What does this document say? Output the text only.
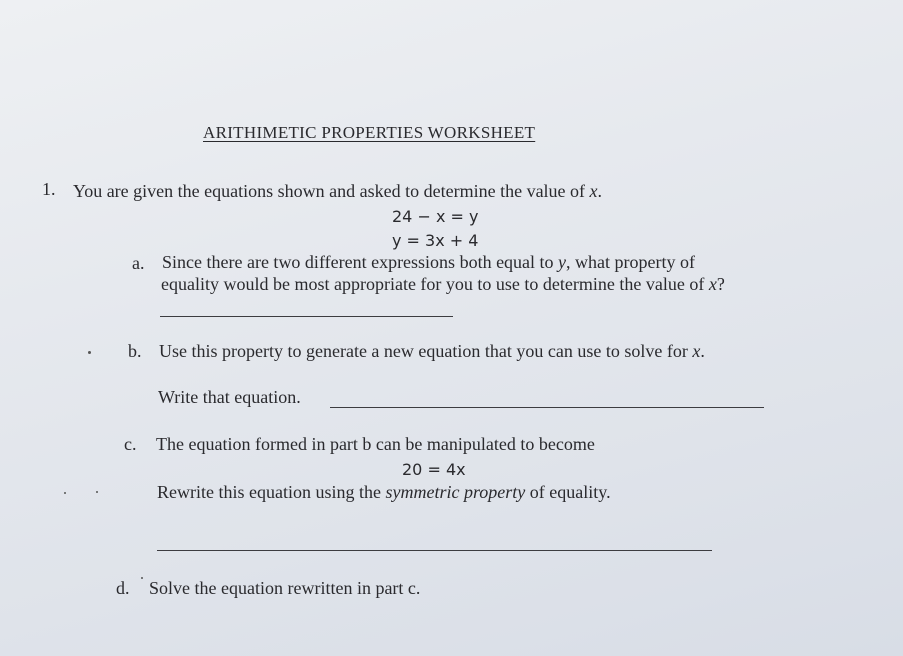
ARITHIMETIC PROPERTIES WORKSHEET
1. You are given the equations shown and asked to determine the value of x.
24 − x = y
y = 3x + 4
a. Since there are two different expressions both equal to y, what property of
equality would be most appropriate for you to use to determine the value of x?
b. Use this property to generate a new equation that you can use to solve for x.
Write that equation.
c. The equation formed in part b can be manipulated to become
20 = 4x
Rewrite this equation using the symmetric property of equality.
d. Solve the equation rewritten in part c.
